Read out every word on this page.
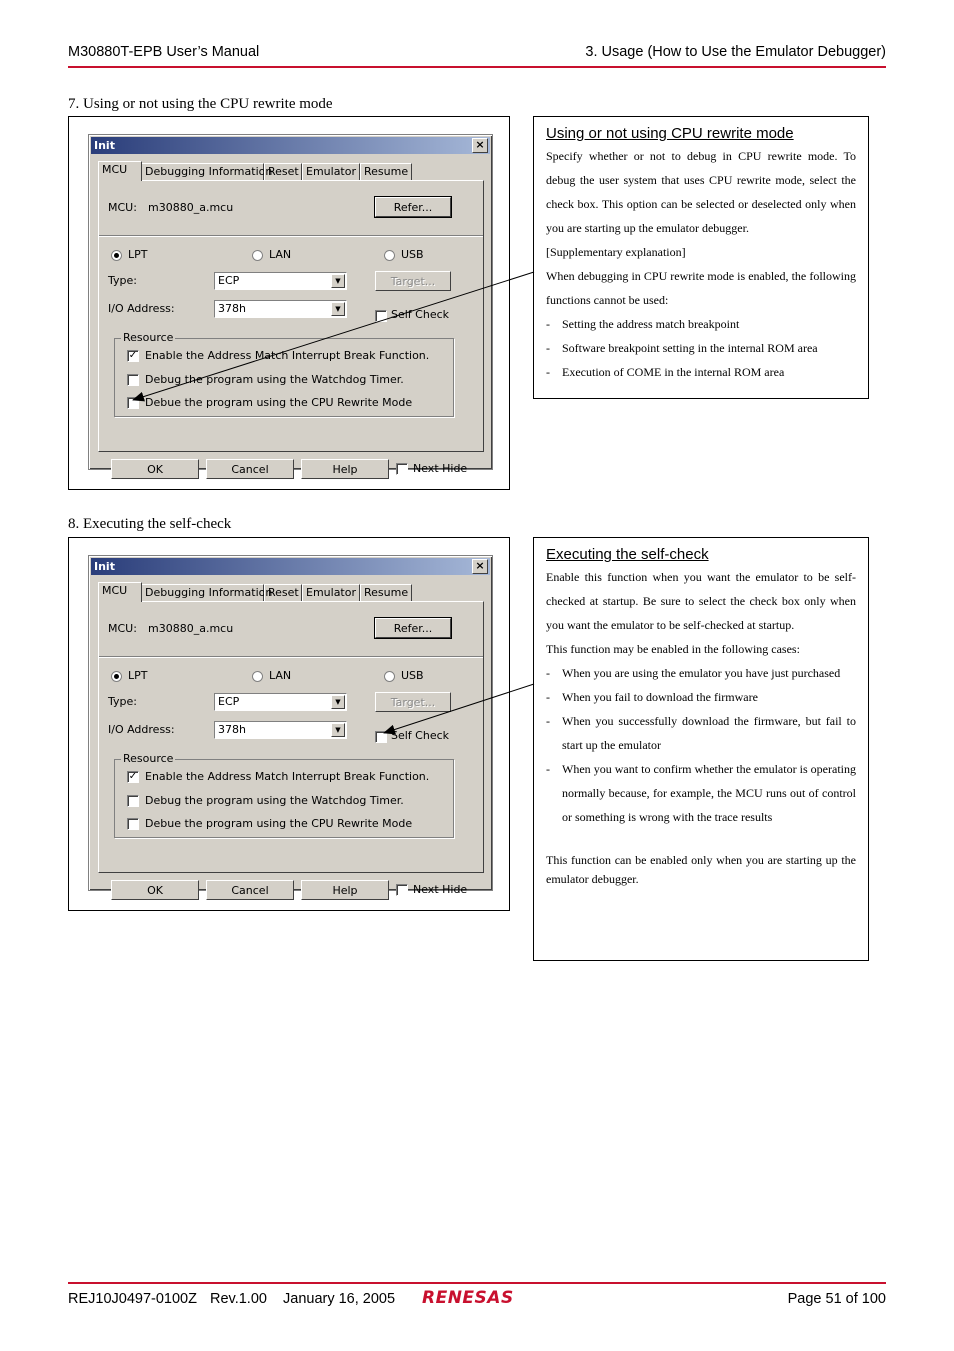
M30880T-EPB User’s Manual	3. Usage (How to Use the Emulator Debugger)
7. Using or not using the CPU rewrite mode
Init	×
MCU	Debugging Information
Reset Emulator Resume
MCU: m30880_a.mcu	Refer...
LPT	LAN	USB
Type:	ECP	▼	Target...
I/O Address:	378h	▼	Self Check
Resource
✓ Enable the Address Match Interrupt Break Function.
Debug the program using the Watchdog Timer.
Debue the program using the CPU Rewrite Mode
OK	Cancel	Help	Next Hide
Using or not using CPU rewrite mode

Specify whether or not to debug in CPU rewrite mode. To debug the user system that uses CPU rewrite mode, select the check box. This option can be selected or deselected only when you are starting up the emulator debugger.

[Supplementary explanation]

When debugging in CPU rewrite mode is enabled, the following functions cannot be used:

- Setting the address match breakpoint
- Software breakpoint setting in the internal ROM area
- Execution of COME in the internal ROM area
8. Executing the self-check
Init	×
MCU	Debugging Information
Reset Emulator Resume
MCU: m30880_a.mcu	Refer...
LPT	LAN	USB
Type:	ECP	▼	Target...
I/O Address:	378h	▼	Self Check
Resource
✓ Enable the Address Match Interrupt Break Function.
Debug the program using the Watchdog Timer.
Debue the program using the CPU Rewrite Mode
OK	Cancel	Help	Next Hide
Executing the self-check

Enable this function when you want the emulator to be self-checked at startup. Be sure to select the check box only when you want the emulator to be self-checked at startup.

This function may be enabled in the following cases:

- When you are using the emulator you have just purchased
- When you fail to download the firmware
- When you successfully download the firmware, but fail to start up the emulator
- When you want to confirm whether the emulator is operating normally because, for example, the MCU runs out of control or something is wrong with the trace results

This function can be enabled only when you are starting up the emulator debugger.

REJ10J0497-0100Z Rev.1.00 January 16, 2005 RENESAS	Page 51 of 100
